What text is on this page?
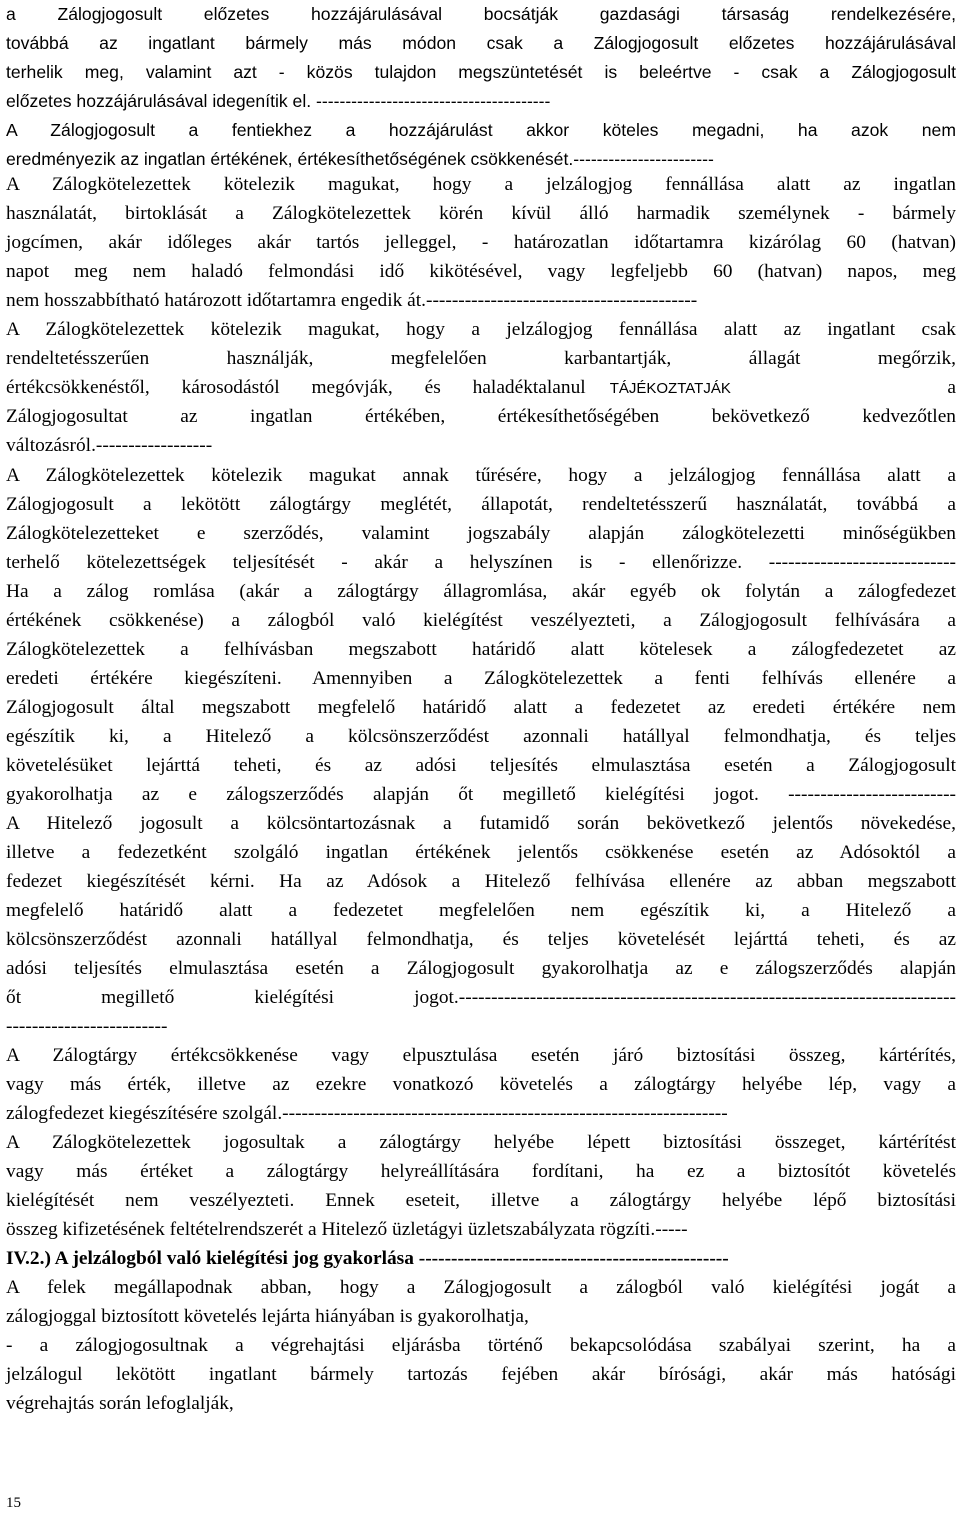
a Zálogjogosult előzetes hozzájárulásával bocsátják gazdasági társaság rendelkezésére,
továbbá az ingatlant bármely más módon csak a Zálogjogosult előzetes hozzájárulásával
terhelik meg, valamint azt - közös tulajdon megszüntetését is beleértve - csak a Zálogjogosult
előzetes hozzájárulásával idegenítik el. ----------------------------------------
A Zálogjogosult a fentiekhez a hozzájárulást akkor köteles megadni, ha azok nem
eredményezik az ingatlan értékének, értékesíthetőségének csökkenését.------------------------
A Zálogkötelezettek kötelezik magukat, hogy a jelzálogjog fennállása alatt az ingatlan
használatát, birtoklását a Zálogkötelezettek körén kívül álló harmadik személynek - bármely
jogcímen, akár időleges akár tartós jelleggel, - határozatlan időtartamra kizárólag 60 (hatvan)
napot meg nem haladó felmondási idő kikötésével, vagy legfeljebb 60 (hatvan) napos, meg
nem hosszabbítható határozott időtartamra engedik át.------------------------------------------
A Zálogkötelezettek kötelezik magukat, hogy a jelzálogjog fennállása alatt az ingatlant csak
rendeltetésszerűen használják, megfelelően karbantartják, állagát megőrzik,
értékcsökkenéstől, károsodástól megóvják, és haladéktalanul TÁJÉKOZTATJÁK	a
Zálogjogosultat az ingatlan értékében, értékesíthetőségében bekövetkező kedvezőtlen
változásról.------------------
A Zálogkötelezettek kötelezik magukat annak tűrésére, hogy a jelzálogjog fennállása alatt a
Zálogjogosult a lekötött zálogtárgy meglétét, állapotát, rendeltetésszerű használatát, továbbá a
Zálogkötelezetteket e szerződés, valamint jogszabály alapján zálogkötelezetti minőségükben
terhelő kötelezettségek teljesítését - akár a helyszínen is - ellenőrizze. -----------------------------
Ha a zálog romlása (akár a zálogtárgy állagromlása, akár egyéb ok folytán a zálogfedezet
értékének csökkenése) a zálogból való kielégítést veszélyezteti, a Zálogjogosult felhívására a
Zálogkötelezettek a felhívásban megszabott határidő alatt kötelesek a zálogfedezetet az
eredeti értékére kiegészíteni. Amennyiben a Zálogkötelezettek a fenti felhívás ellenére a
Zálogjogosult által megszabott megfelelő határidő alatt a fedezetet az eredeti értékére nem
egészítik ki, a Hitelező a kölcsönszerződést azonnali hatállyal felmondhatja, és teljes
követelésüket lejárttá teheti, és az adósi teljesítés elmulasztása esetén a Zálogjogosult
gyakorolhatja az e zálogszerződés alapján őt megillető kielégítési jogot. --------------------------
A Hitelező jogosult a kölcsöntartozásnak a futamidő során bekövetkező jelentős növekedése,
illetve a fedezetként szolgáló ingatlan értékének jelentős csökkenése esetén az Adósoktól a
fedezet kiegészítését kérni. Ha az Adósok a Hitelező felhívása ellenére az abban megszabott
megfelelő határidő alatt a fedezetet megfelelően nem egészítik ki, a Hitelező a
kölcsönszerződést azonnali hatállyal felmondhatja, és teljes követelését lejárttá teheti, és az
adósi teljesítés elmulasztása esetén a Zálogjogosult gyakorolhatja az e zálogszerződés alapján
őt megillető kielégítési jogot.-----------------------------------------------------------------------------
-------------------------
A Zálogtárgy értékcsökkenése vagy elpusztulása esetén járó biztosítási összeg, kártérítés,
vagy más érték, illetve az ezekre vonatkozó követelés a zálogtárgy helyébe lép, vagy a
zálogfedezet kiegészítésére szolgál.---------------------------------------------------------------------
A Zálogkötelezettek jogosultak a zálogtárgy helyébe lépett biztosítási összeget, kártérítést
vagy más értéket a zálogtárgy helyreállítására fordítani, ha ez a biztosítót követelés
kielégítését nem veszélyezteti. Ennek eseteit, illetve a zálogtárgy helyébe lépő biztosítási
összeg kifizetésének feltételrendszerét a Hitelező üzletágyi üzletszabályzata rögzíti.-----
IV.2.) A jelzálogból való kielégítési jog gyakorlása ------------------------------------------------
A felek megállapodnak abban, hogy a Zálogjogosult a zálogból való kielégítési jogát a
zálogjoggal biztosított követelés lejárta hiányában is gyakorolhatja,
- a zálogjogosultnak a végrehajtási eljárásba történő bekapcsolódása szabályai szerint, ha a
jelzálogul lekötött ingatlant bármely tartozás fejében akár bírósági, akár más hatósági
végrehajtás során lefoglalják,
15
